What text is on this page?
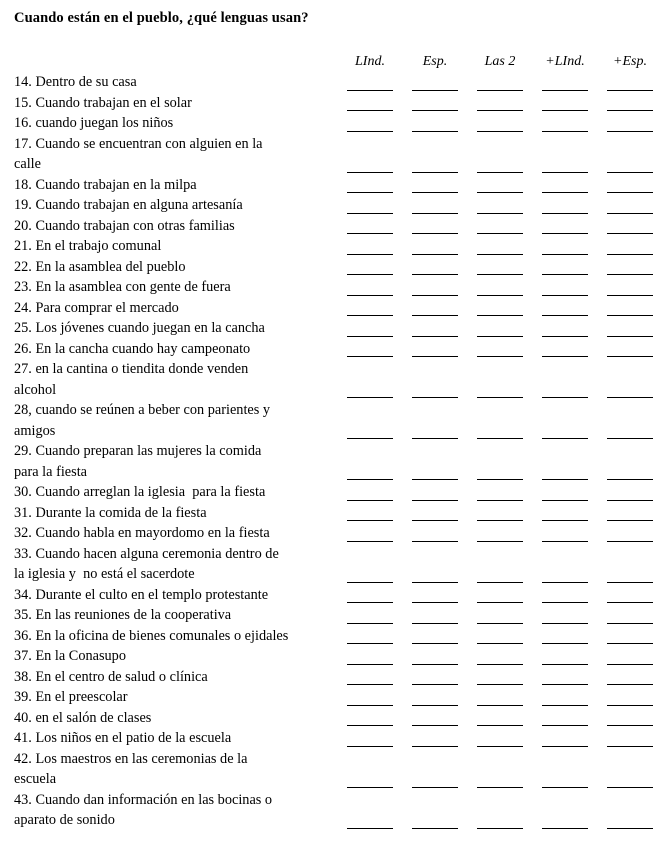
Cuando están en el pueblo, ¿qué lenguas usan?
LInd.	Esp.	Las 2	+LInd.	+Esp.
14. Dentro de su casa
15. Cuando trabajan en el solar
16. cuando juegan los niños
17. Cuando se encuentran con alguien en la
calle
18. Cuando trabajan en la milpa
19. Cuando trabajan en alguna artesanía
20. Cuando trabajan con otras familias
21. En el trabajo comunal
22. En la asamblea del pueblo
23. En la asamblea con gente de fuera
24. Para comprar el mercado
25. Los jóvenes cuando juegan en la cancha
26. En la cancha cuando hay campeonato
27. en la cantina o tiendita donde venden
alcohol
28, cuando se reúnen a beber con parientes y
amigos
29. Cuando preparan las mujeres la comida
para la fiesta
30. Cuando arreglan la iglesia  para la fiesta
31. Durante la comida de la fiesta
32. Cuando habla en mayordomo en la fiesta
33. Cuando hacen alguna ceremonia dentro de
la iglesia y  no está el sacerdote
34. Durante el culto en el templo protestante
35. En las reuniones de la cooperativa
36. En la oficina de bienes comunales o ejidales
37. En la Conasupo
38. En el centro de salud o clínica
39. En el preescolar
40. en el salón de clases
41. Los niños en el patio de la escuela
42. Los maestros en las ceremonias de la
escuela
43. Cuando dan información en las bocinas o
aparato de sonido
